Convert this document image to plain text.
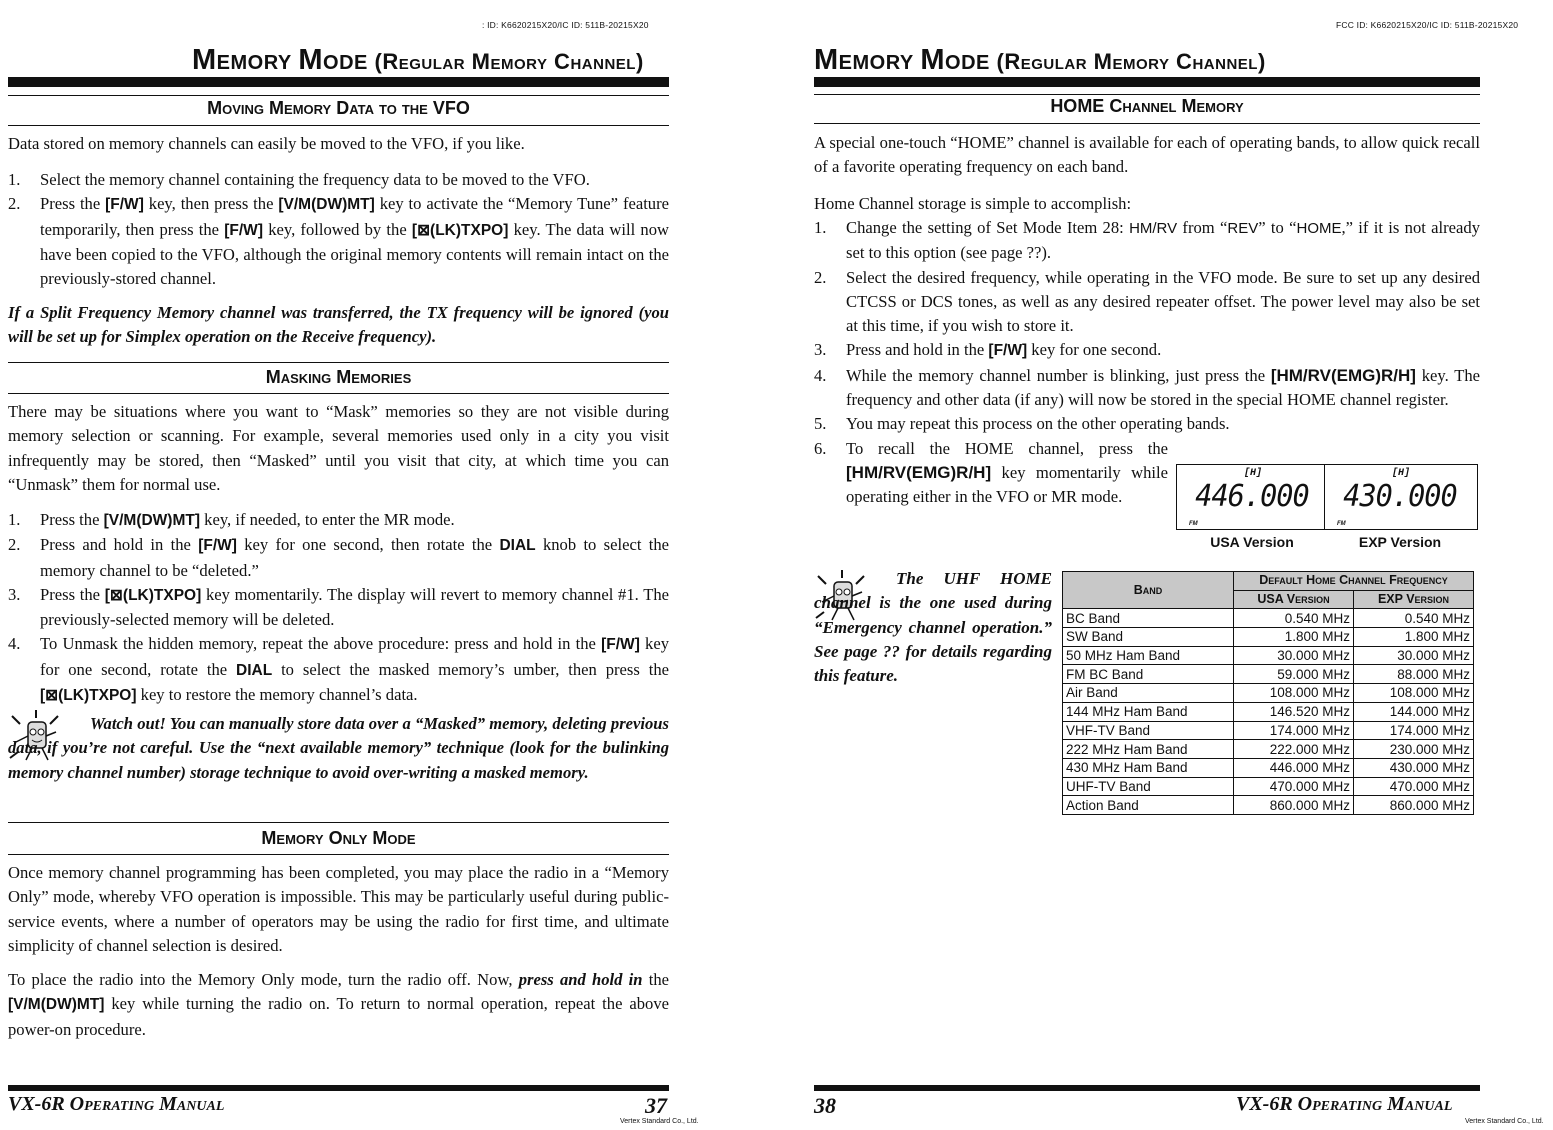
: ID: K6620215X20/IC ID: 511B-20215X20
Memory Mode (Regular Memory Channel)
Moving Memory Data to the VFO
Data stored on memory channels can easily be moved to the VFO, if you like.
1. Select the memory channel containing the frequency data to be moved to the VFO.
2. Press the [F/W] key, then press the [V/M(DW)MT] key to activate the “Memory Tune” feature temporarily, then press the [F/W] key, followed by the [⊠(LK)TXPO] key. The data will now have been copied to the VFO, although the original memory contents will remain intact on the previously-stored channel.
If a Split Frequency Memory channel was transferred, the TX frequency will be ignored (you will be set up for Simplex operation on the Receive frequency).
Masking Memories
There may be situations where you want to “Mask” memories so they are not visible during memory selection or scanning. For example, several memories used only in a city you visit infrequently may be stored, then “Masked” until you visit that city, at which time you can “Unmask” them for normal use.
1. Press the [V/M(DW)MT] key, if needed, to enter the MR mode.
2. Press and hold in the [F/W] key for one second, then rotate the DIAL knob to select the memory channel to be “deleted.”
3. Press the [⊠(LK)TXPO] key momentarily. The display will revert to memory channel #1. The previously-selected memory will be deleted.
4. To Unmask the hidden memory, repeat the above procedure: press and hold in the [F/W] key for one second, rotate the DIAL to select the masked memory’s umber, then press the [⊠(LK)TXPO] key to restore the memory channel’s data.
Watch out! You can manually store data over a “Masked” memory, deleting previous data, if you’re not careful. Use the “next available memory” technique (look for the bulinking memory channel number) storage technique to avoid over-writing a masked memory.
Memory Only Mode
Once memory channel programming has been completed, you may place the radio in a “Memory Only” mode, whereby VFO operation is impossible. This may be particularly useful during public-service events, where a number of operators may be using the radio for first time, and ultimate simplicity of channel selection is desired.
To place the radio into the Memory Only mode, turn the radio off. Now, press and hold in the [V/M(DW)MT] key while turning the radio on. To return to normal operation, repeat the above power-on procedure.
VX-6R Operating Manual	37
Vertex Standard Co., Ltd.
FCC ID: K6620215X20/IC ID: 511B-20215X20
Memory Mode (Regular Memory Channel)
HOME Channel Memory
A special one-touch “HOME” channel is available for each of operating bands, to allow quick recall of a favorite operating frequency on each band.
Home Channel storage is simple to accomplish:
1. Change the setting of Set Mode Item 28: HM/RV from “REV” to “HOME,” if it is not already set to this option (see page ??).
2. Select the desired frequency, while operating in the VFO mode. Be sure to set up any desired CTCSS or DCS tones, as well as any desired repeater offset. The power level may also be set at this time, if you wish to store it.
3. Press and hold in the [F/W] key for one second.
4. While the memory channel number is blinking, just press the [HM/RV(EMG)R/H] key. The frequency and other data (if any) will now be stored in the special HOME channel register.
5. You may repeat this process on the other operating bands.
6. To recall the HOME channel, press the [HM/RV(EMG)R/H] key momentarily while operating either in the VFO or MR mode.
[H]
446.000
FM
USA Version
[H]
430.000
FM
EXP Version
The UHF HOME channel is the one used during “Emergency channel operation.” See page ?? for details regarding this feature.
Band	Default Home Channel Frequency	
	USA Version	EXP Version
BC Band	0.540 MHz	0.540 MHz
SW Band	1.800 MHz	1.800 MHz
50 MHz Ham Band	30.000 MHz	30.000 MHz
FM BC Band	59.000 MHz	88.000 MHz
Air Band	108.000 MHz	108.000 MHz
144 MHz Ham Band	146.520 MHz	144.000 MHz
VHF-TV Band	174.000 MHz	174.000 MHz
222 MHz Ham Band	222.000 MHz	230.000 MHz
430 MHz Ham Band	446.000 MHz	430.000 MHz
UHF-TV Band	470.000 MHz	470.000 MHz
Action Band	860.000 MHz	860.000 MHz
38	VX-6R Operating Manual
Vertex Standard Co., Ltd.
